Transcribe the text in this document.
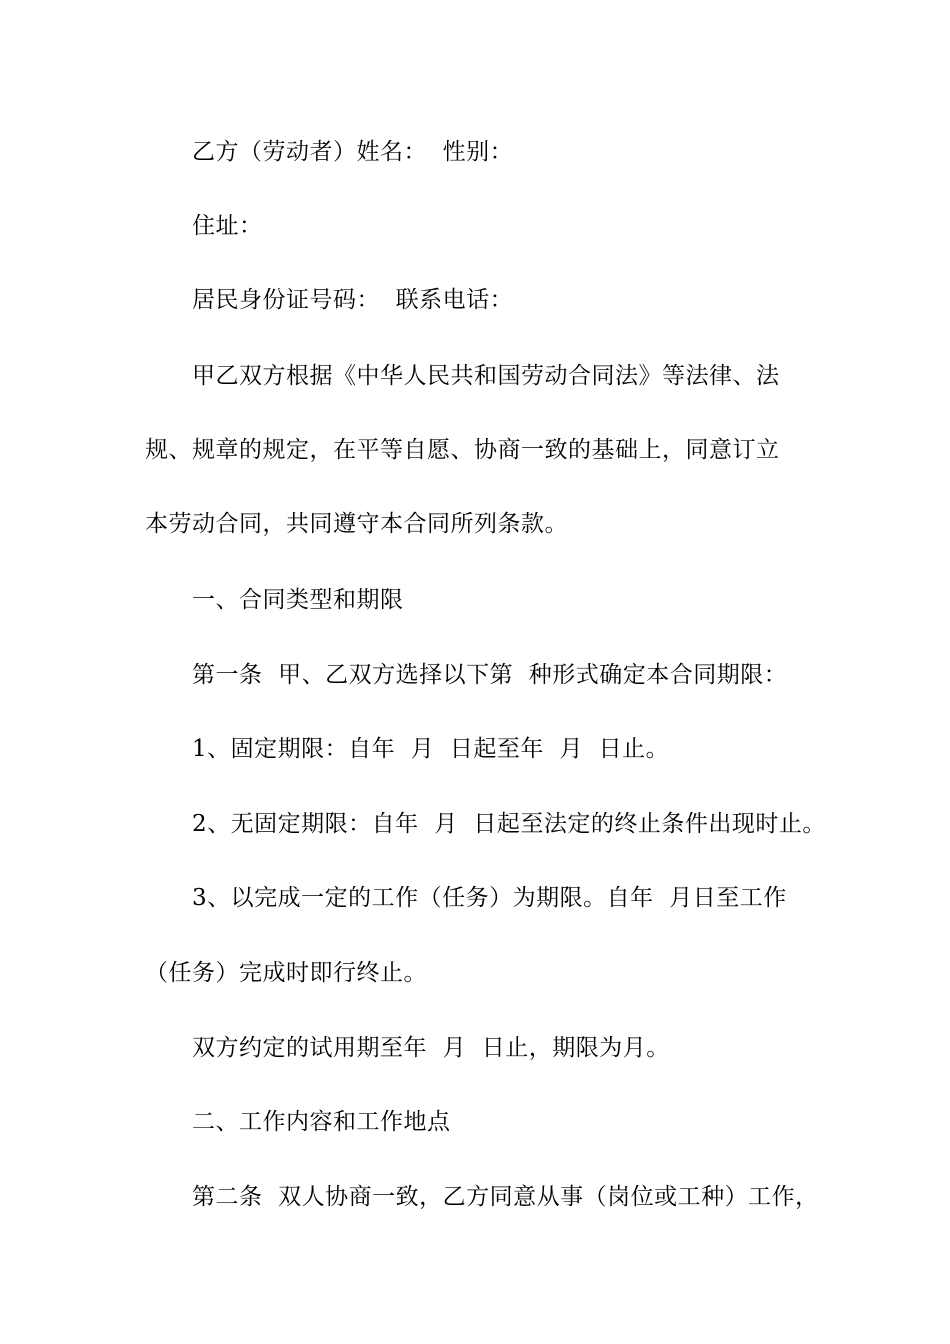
乙方（劳动者）姓名：  性别：
住址：
居民身份证号码：  联系电话：
甲乙双方根据《中华人民共和国劳动合同法》等法律、法
规、规章的规定，在平等自愿、协商一致的基础上，同意订立
本劳动合同，共同遵守本合同所列条款。
一、合同类型和期限
第一条  甲、乙双方选择以下第  种形式确定本合同期限：
1、固定期限：自年  月  日起至年  月  日止。
2、无固定期限：自年  月  日起至法定的终止条件出现时止。
3、以完成一定的工作（任务）为期限。自年  月日至工作
（任务）完成时即行终止。
双方约定的试用期至年  月  日止，期限为月。
二、工作内容和工作地点
第二条  双人协商一致，乙方同意从事（岗位或工种）工作，
